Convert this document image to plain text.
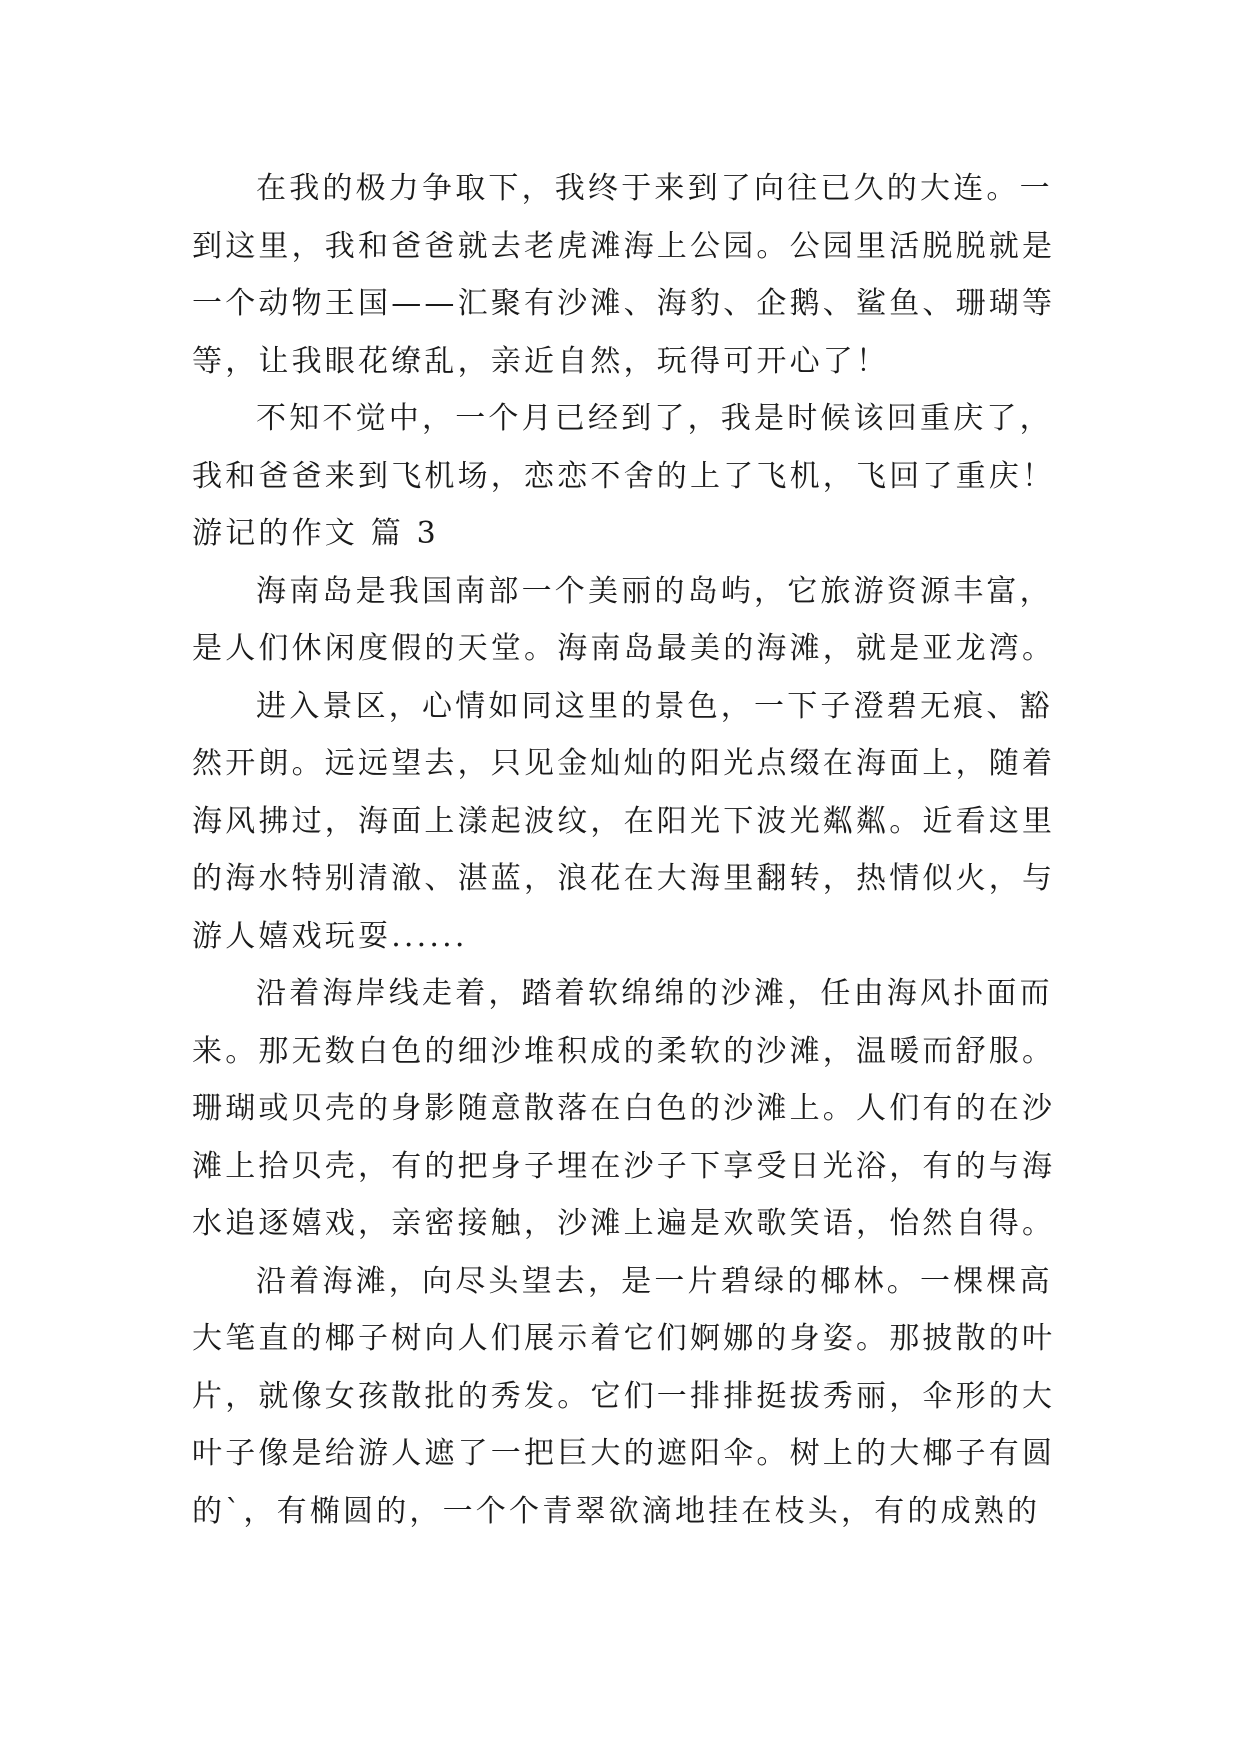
在我的极力争取下，我终于来到了向往已久的大连。一
到这里，我和爸爸就去老虎滩海上公园。公园里活脱脱就是
一个动物王国——汇聚有沙滩、海豹、企鹅、鲨鱼、珊瑚等
等，让我眼花缭乱，亲近自然，玩得可开心了！
不知不觉中，一个月已经到了，我是时候该回重庆了，
我和爸爸来到飞机场，恋恋不舍的上了飞机，飞回了重庆！
游记的作文 篇 3
海南岛是我国南部一个美丽的岛屿，它旅游资源丰富，
是人们休闲度假的天堂。海南岛最美的海滩，就是亚龙湾。
进入景区，心情如同这里的景色，一下子澄碧无痕、豁
然开朗。远远望去，只见金灿灿的阳光点缀在海面上，随着
海风拂过，海面上漾起波纹，在阳光下波光粼粼。近看这里
的海水特别清澈、湛蓝，浪花在大海里翻转，热情似火，与
游人嬉戏玩耍......
沿着海岸线走着，踏着软绵绵的沙滩，任由海风扑面而
来。那无数白色的细沙堆积成的柔软的沙滩，温暖而舒服。
珊瑚或贝壳的身影随意散落在白色的沙滩上。人们有的在沙
滩上拾贝壳，有的把身子埋在沙子下享受日光浴，有的与海
水追逐嬉戏，亲密接触，沙滩上遍是欢歌笑语，怡然自得。
沿着海滩，向尽头望去，是一片碧绿的椰林。一棵棵高
大笔直的椰子树向人们展示着它们婀娜的身姿。那披散的叶
片，就像女孩散批的秀发。它们一排排挺拔秀丽，伞形的大
叶子像是给游人遮了一把巨大的遮阳伞。树上的大椰子有圆
的`，有椭圆的，一个个青翠欲滴地挂在枝头，有的成熟的
